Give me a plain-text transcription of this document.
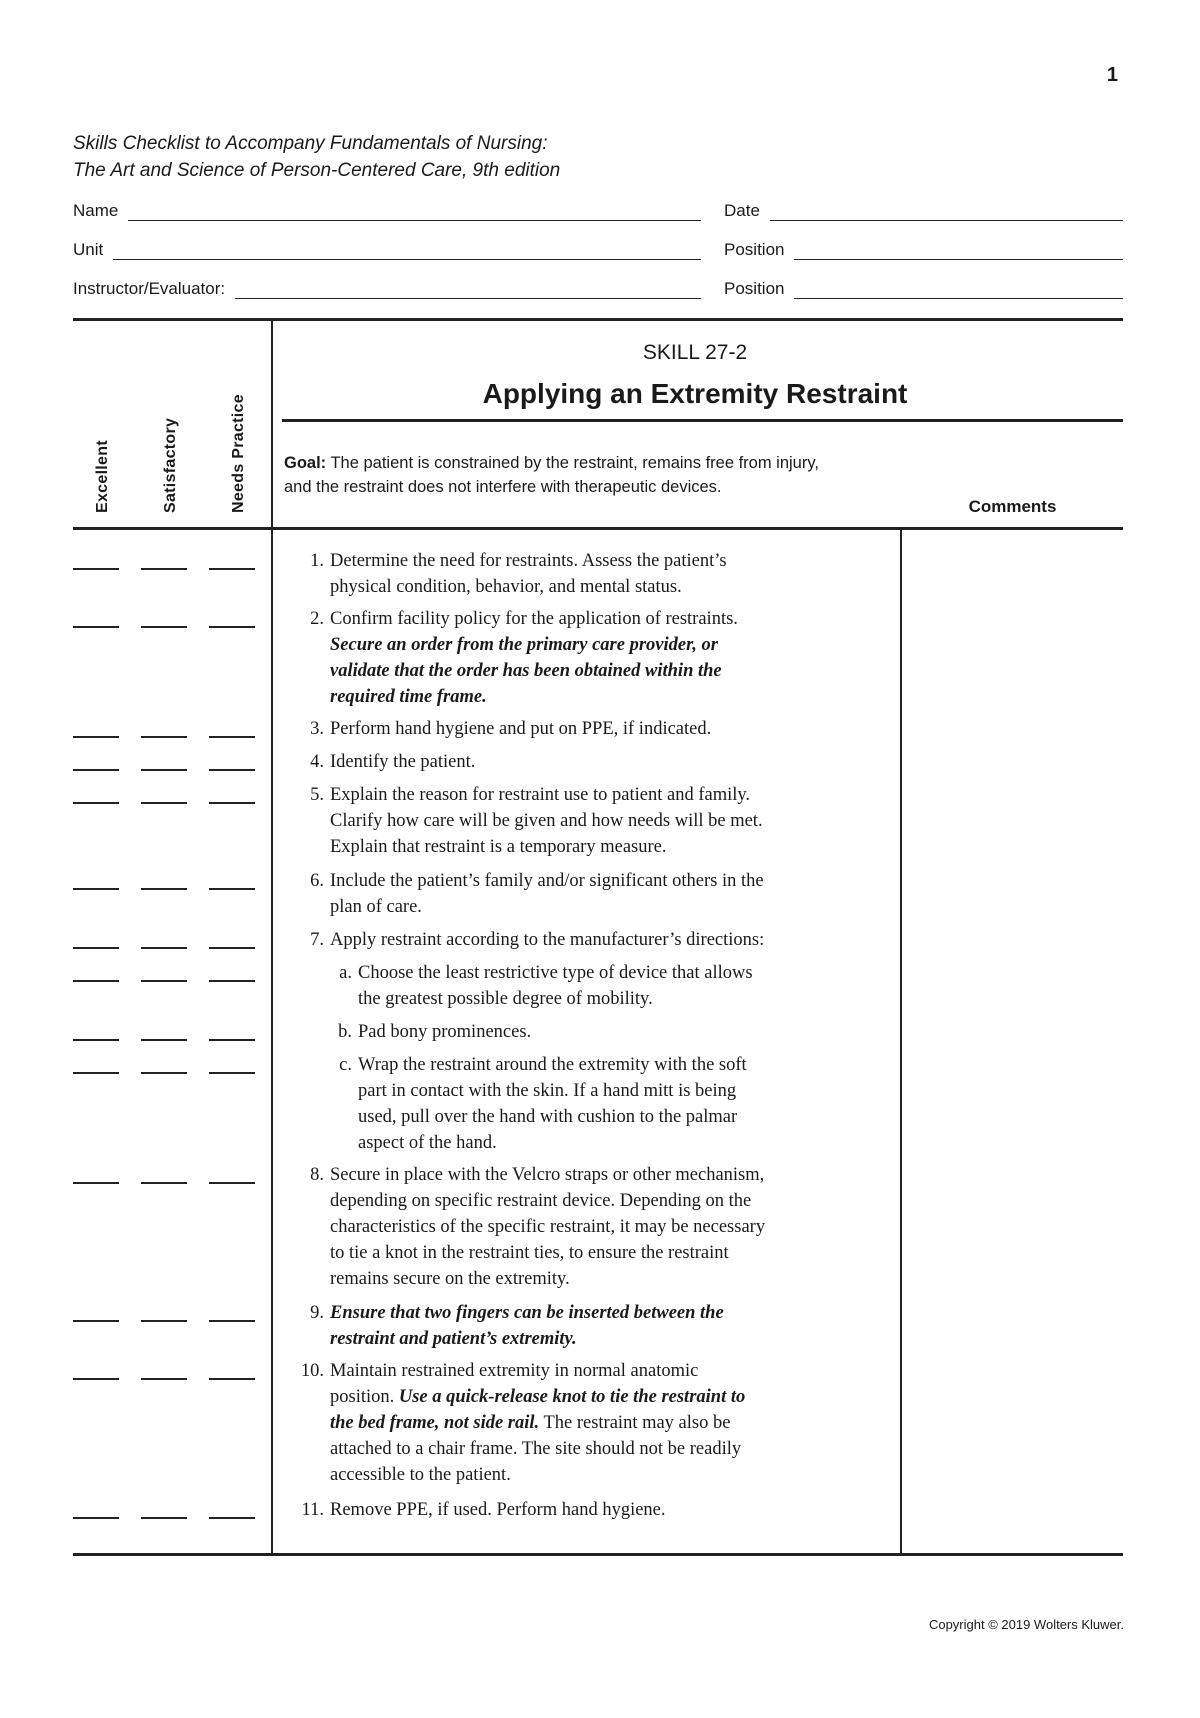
1
Skills Checklist to Accompany Fundamentals of Nursing:
The Art and Science of Person-Centered Care, 9th edition
Name	Date
Unit	Position
Instructor/Evaluator:	Position
Excellent	Satisfactory	Needs Practice
SKILL 27-2
Applying an Extremity Restraint
Goal: The patient is constrained by the restraint, remains free from injury, and the restraint does not interfere with therapeutic devices.
Comments
1. Determine the need for restraints. Assess the patient’s
physical condition, behavior, and mental status.
2. Confirm facility policy for the application of restraints.
Secure an order from the primary care provider, or
validate that the order has been obtained within the
required time frame.
3. Perform hand hygiene and put on PPE, if indicated.
4. Identify the patient.
5. Explain the reason for restraint use to patient and family.
Clarify how care will be given and how needs will be met.
Explain that restraint is a temporary measure.
6. Include the patient’s family and/or significant others in the
plan of care.
7. Apply restraint according to the manufacturer’s directions:
a. Choose the least restrictive type of device that allows
the greatest possible degree of mobility.
b. Pad bony prominences.
c. Wrap the restraint around the extremity with the soft
part in contact with the skin. If a hand mitt is being
used, pull over the hand with cushion to the palmar
aspect of the hand.
8. Secure in place with the Velcro straps or other mechanism,
depending on specific restraint device. Depending on the
characteristics of the specific restraint, it may be necessary
to tie a knot in the restraint ties, to ensure the restraint
remains secure on the extremity.
9. Ensure that two fingers can be inserted between the
restraint and patient’s extremity.
10. Maintain restrained extremity in normal anatomic
position. Use a quick-release knot to tie the restraint to
the bed frame, not side rail. The restraint may also be
attached to a chair frame. The site should not be readily
accessible to the patient.
11. Remove PPE, if used. Perform hand hygiene.
Copyright © 2019 Wolters Kluwer.
